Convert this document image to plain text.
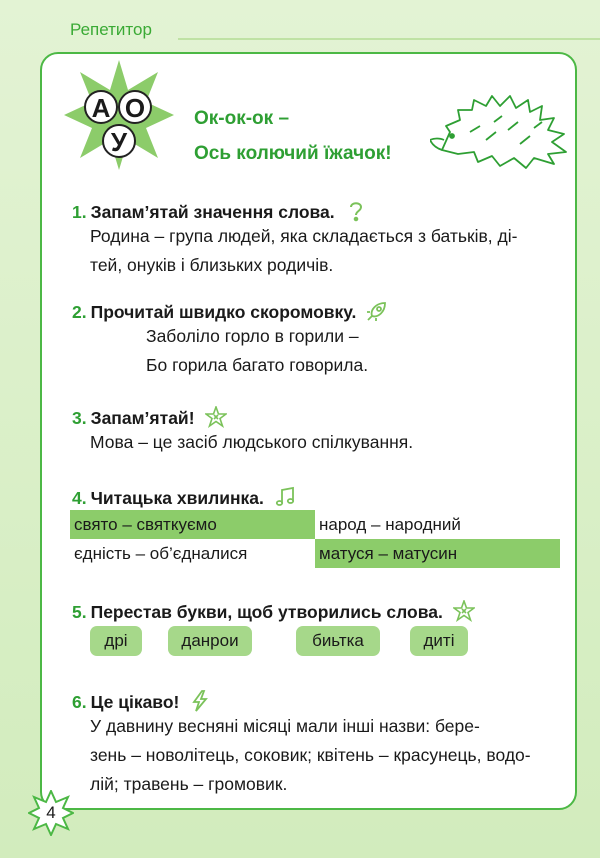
Репетитор
А О
У
Ок-ок-ок –
Ось колючий їжачок!
1. Запам’ятай значення слова.
Родина – група людей, яка складається з батьків, ді-
тей, онуків і близьких родичів.
2. Прочитай швидко скоромовку.
Заболіло горло в горили –
Бо горила багато говорила.
3. Запам’ятай!
Мова – це засіб людського спілкування.
4. Читацька хвилинка.
свято – святкуємо	народ – народний
єдність – об’єдналися	матуся – матусин
5. Перестав букви, щоб утворились слова.
дрі	данрои	биьтка	диті
6. Це цікаво!
У давнину весняні місяці мали інші назви: бере-
зень – новолітець, соковик; квітень – красунець, водо-
лій; травень – громовик.
4
